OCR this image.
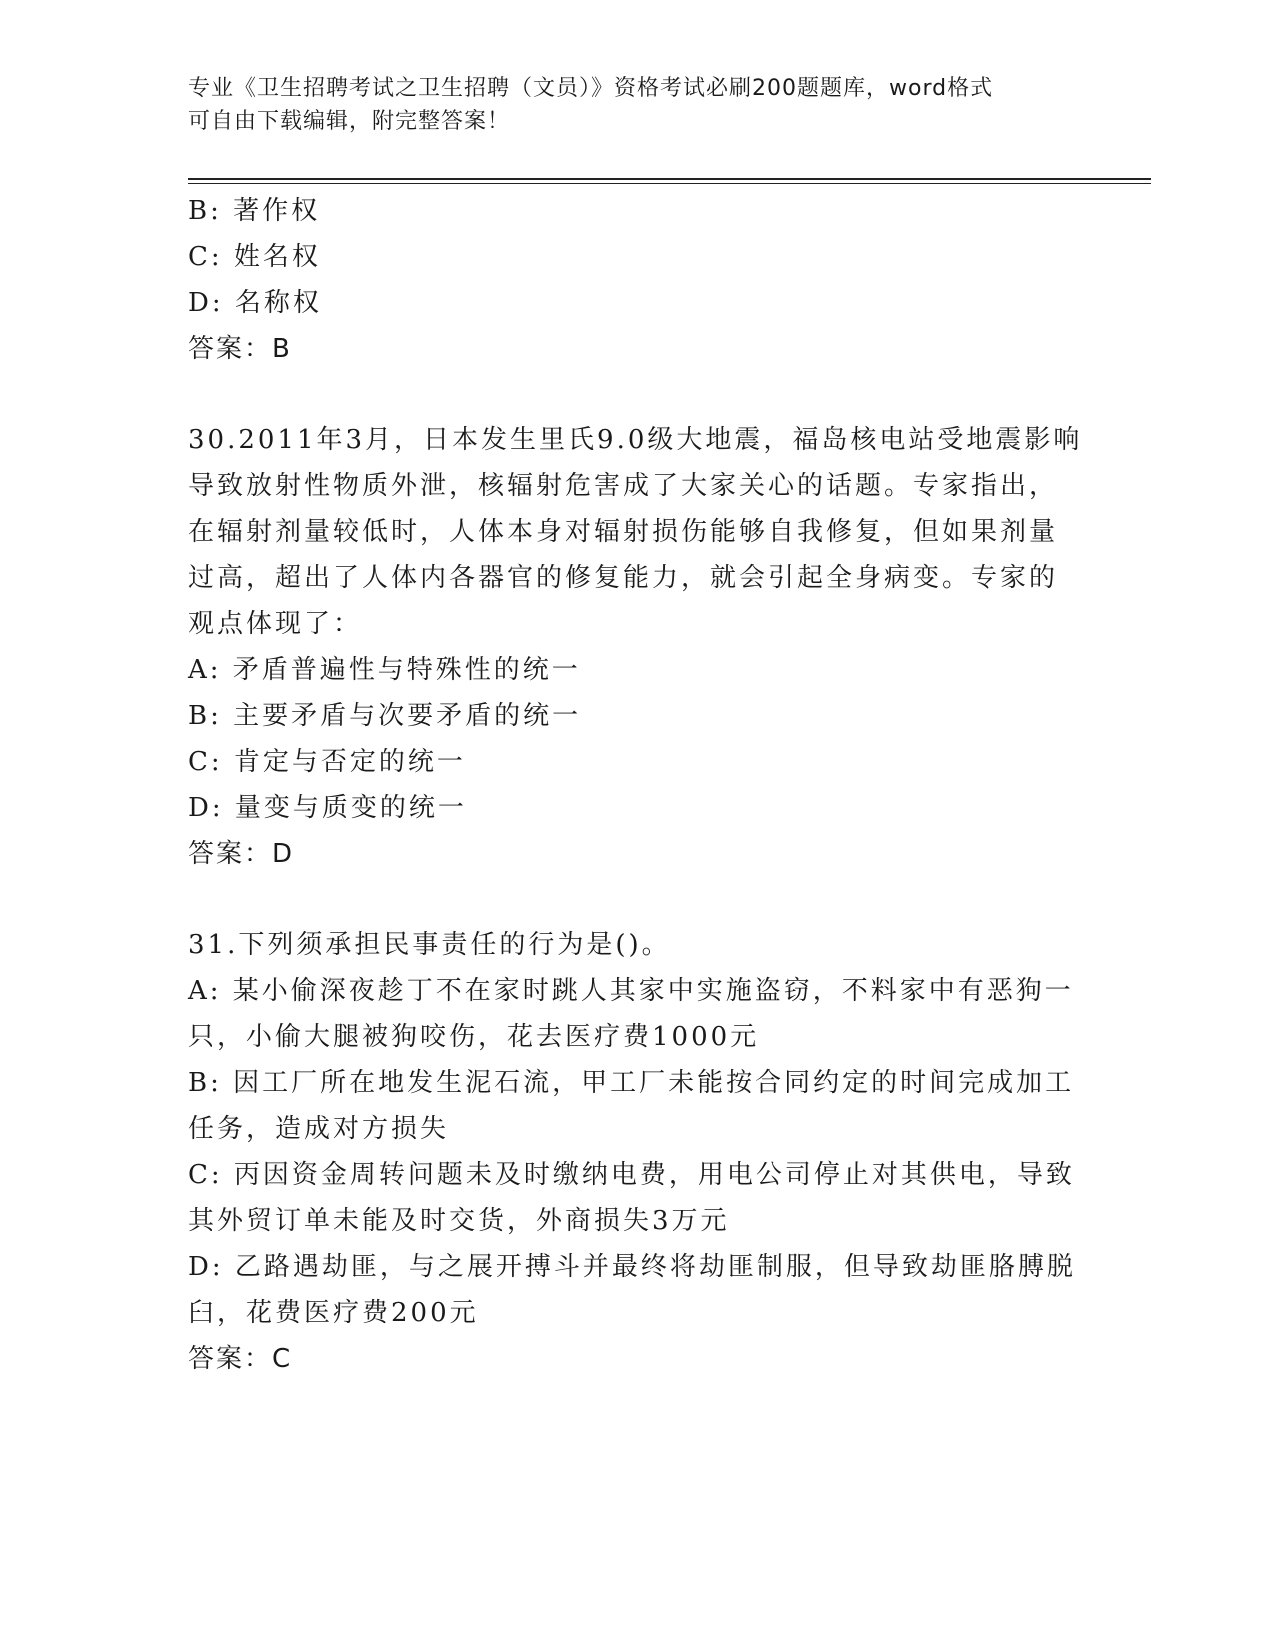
专业《卫生招聘考试之卫生招聘（文员）》资格考试必刷200题题库，word格式
可自由下载编辑，附完整答案！
B: 著作权
C: 姓名权
D: 名称权
答案：B
30.2011年3月，日本发生里氏9.0级大地震，福岛核电站受地震影响
导致放射性物质外泄，核辐射危害成了大家关心的话题。专家指出，
在辐射剂量较低时，人体本身对辐射损伤能够自我修复，但如果剂量
过高，超出了人体内各器官的修复能力，就会引起全身病变。专家的
观点体现了：
A: 矛盾普遍性与特殊性的统一
B: 主要矛盾与次要矛盾的统一
C: 肯定与否定的统一
D: 量变与质变的统一
答案：D
31.下列须承担民事责任的行为是()。
A: 某小偷深夜趁丁不在家时跳人其家中实施盗窃，不料家中有恶狗一
只，小偷大腿被狗咬伤，花去医疗费1000元
B: 因工厂所在地发生泥石流，甲工厂未能按合同约定的时间完成加工
任务，造成对方损失
C: 丙因资金周转问题未及时缴纳电费，用电公司停止对其供电，导致
其外贸订单未能及时交货，外商损失3万元
D: 乙路遇劫匪，与之展开搏斗并最终将劫匪制服，但导致劫匪胳膊脱
臼，花费医疗费200元
答案：C
